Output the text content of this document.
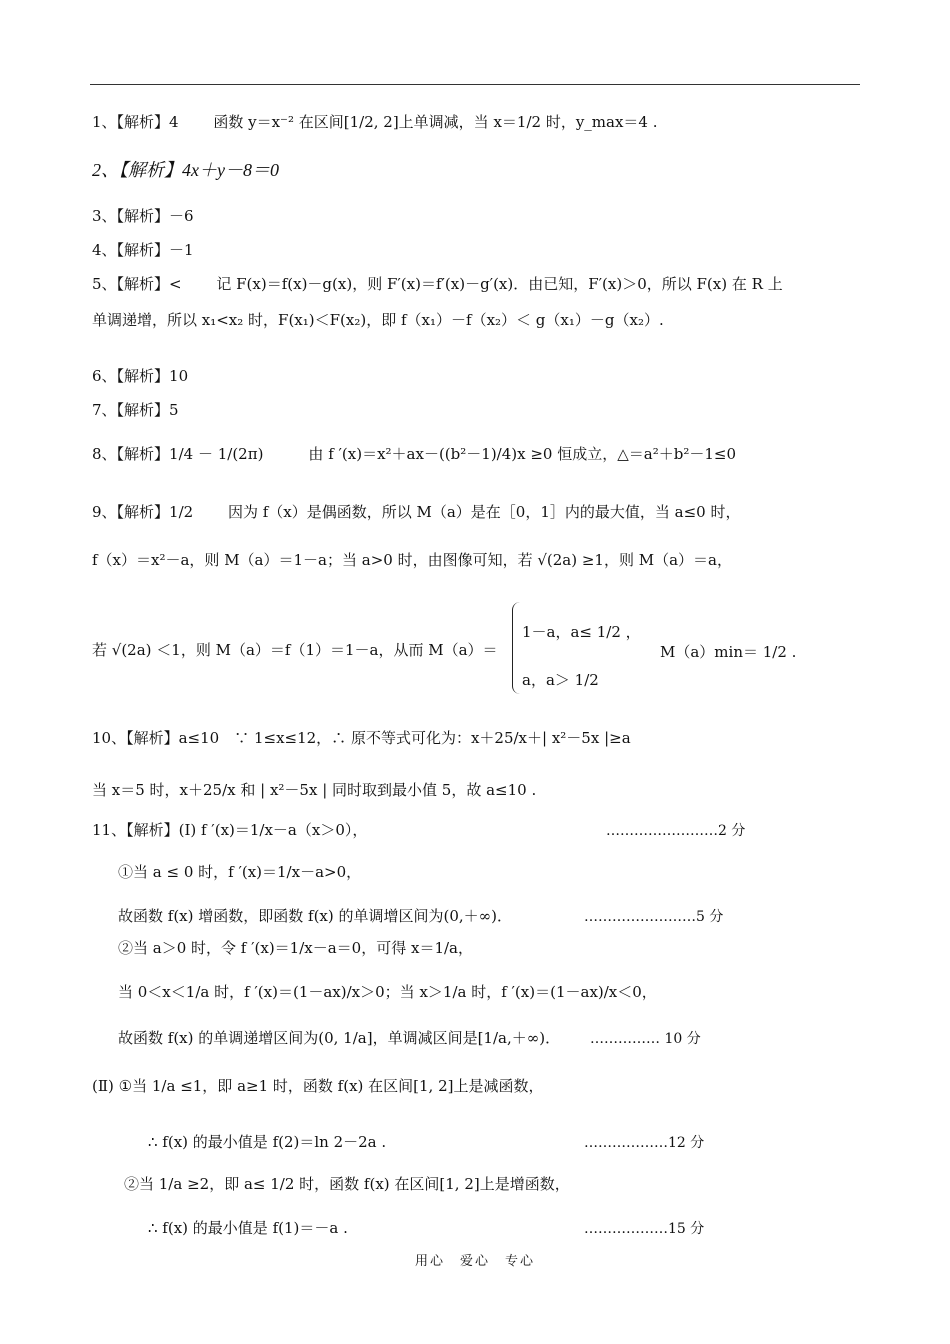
1、【解析】4　　 函数 y＝x⁻² 在区间[1/2, 2]上单调减，当 x＝1/2 时，y_max＝4 .
2、【解析】4x＋y－8＝0
3、【解析】－6
4、【解析】－1
5、【解析】<　　 记 F(x)＝f(x)－g(x)，则 F′(x)＝f′(x)－g′(x)．由已知，F′(x)＞0，所以 F(x) 在 R 上
单调递增，所以 x₁<x₂ 时，F(x₁)＜F(x₂)，即 f（x₁）－f（x₂）＜ g（x₁）－g（x₂）.
6、【解析】10
7、【解析】5
8、【解析】1/4 － 1/(2π)　　　由 f ′(x)＝x²＋ax－((b²－1)/4)x ≥0 恒成立，△＝a²＋b²－1≤0
9、【解析】1/2　　 因为 f（x）是偶函数，所以 M（a）是在［0，1］内的最大值，当 a≤0 时，
f（x）＝x²－a，则 M（a）＝1－a；当 a>0 时，由图像可知，若 √(2a) ≥1，则 M（a）＝a，
若 √(2a) ＜1，则 M（a）＝f（1）＝1－a，从而 M（a）＝
1－a，a≤ 1/2 ，
a，a＞ 1/2
M（a）min＝ 1/2 .
10、【解析】a≤10　∵ 1≤x≤12，∴ 原不等式可化为：x＋25/x＋| x²－5x |≥a
当 x＝5 时，x＋25/x 和 | x²－5x | 同时取到最小值 5，故 a≤10 .
11、【解析】(Ⅰ) f ′(x)＝1/x－a（x＞0），	……………………2 分
①当 a ≤ 0 时，f ′(x)＝1/x－a>0，
故函数 f(x) 增函数，即函数 f(x) 的单调增区间为(0,＋∞)．	……………………5 分
②当 a＞0 时，令 f ′(x)＝1/x－a＝0，可得 x＝1/a，
当 0＜x＜1/a 时，f ′(x)＝(1－ax)/x＞0；当 x＞1/a 时，f ′(x)＝(1－ax)/x＜0，
故函数 f(x) 的单调递增区间为(0, 1/a]，单调减区间是[1/a,＋∞)．	…………… 10 分
(Ⅱ) ①当 1/a ≤1，即 a≥1 时，函数 f(x) 在区间[1, 2]上是减函数，
∴ f(x) 的最小值是 f(2)＝ln 2－2a .	………………12 分
②当 1/a ≥2，即 a≤ 1/2 时，函数 f(x) 在区间[1, 2]上是增函数，
∴ f(x) 的最小值是 f(1)＝－a .	………………15 分
用心　爱心　专心
